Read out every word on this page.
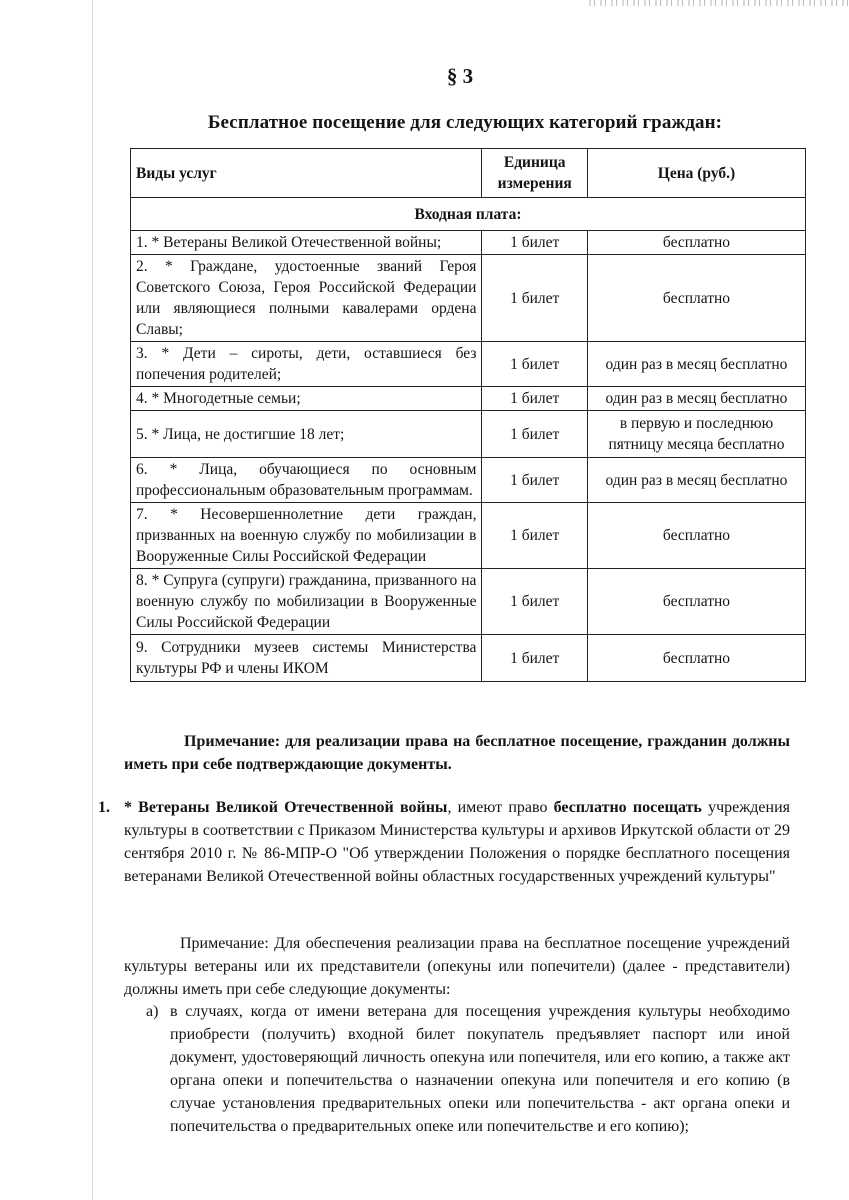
§ 3
Бесплатное посещение для следующих категорий граждан:
Виды услуг	Единица измерения	Цена (руб.)
Входная плата:		
1. * Ветераны Великой Отечественной войны;	1 билет	бесплатно
2. * Граждане, удостоенные званий Героя Советского Союза, Героя Российской Федерации или являющиеся полными кавалерами ордена Славы;	1 билет	бесплатно
3. * Дети – сироты, дети, оставшиеся без попечения родителей;	1 билет	один раз в месяц бесплатно
4. * Многодетные семьи;	1 билет	один раз в месяц бесплатно
5. * Лица, не достигшие 18 лет;	1 билет	в первую и последнюю пятницу месяца бесплатно
6. * Лица, обучающиеся по основным профессиональным образовательным программам.	1 билет	один раз в месяц бесплатно
7. * Несовершеннолетние дети граждан, призванных на военную службу по мобилизации в Вооруженные Силы Российской Федерации	1 билет	бесплатно
8. * Супруга (супруги) гражданина, призванного на военную службу по мобилизации в Вооруженные Силы Российской Федерации	1 билет	бесплатно
9. Сотрудники музеев системы Министерства культуры РФ и члены ИКОМ	1 билет	бесплатно
Примечание: для реализации права на бесплатное посещение, гражданин должны иметь при себе подтверждающие документы.
1. * Ветераны Великой Отечественной войны, имеют право бесплатно посещать учреждения культуры в соответствии с Приказом Министерства культуры и архивов Иркутской области от 29 сентября 2010 г. № 86-МПР-О "Об утверждении Положения о порядке бесплатного посещения ветеранами Великой Отечественной войны областных государственных учреждений культуры"
Примечание: Для обеспечения реализации права на бесплатное посещение учреждений культуры ветераны или их представители (опекуны или попечители) (далее - представители) должны иметь при себе следующие документы:
а) в случаях, когда от имени ветерана для посещения учреждения культуры необходимо приобрести (получить) входной билет покупатель предъявляет паспорт или иной документ, удостоверяющий личность опекуна или попечителя, или его копию, а также акт органа опеки и попечительства о назначении опекуна или попечителя и его копию (в случае установления предварительных опеки или попечительства - акт органа опеки и попечительства о предварительных опеке или попечительстве и его копию);
